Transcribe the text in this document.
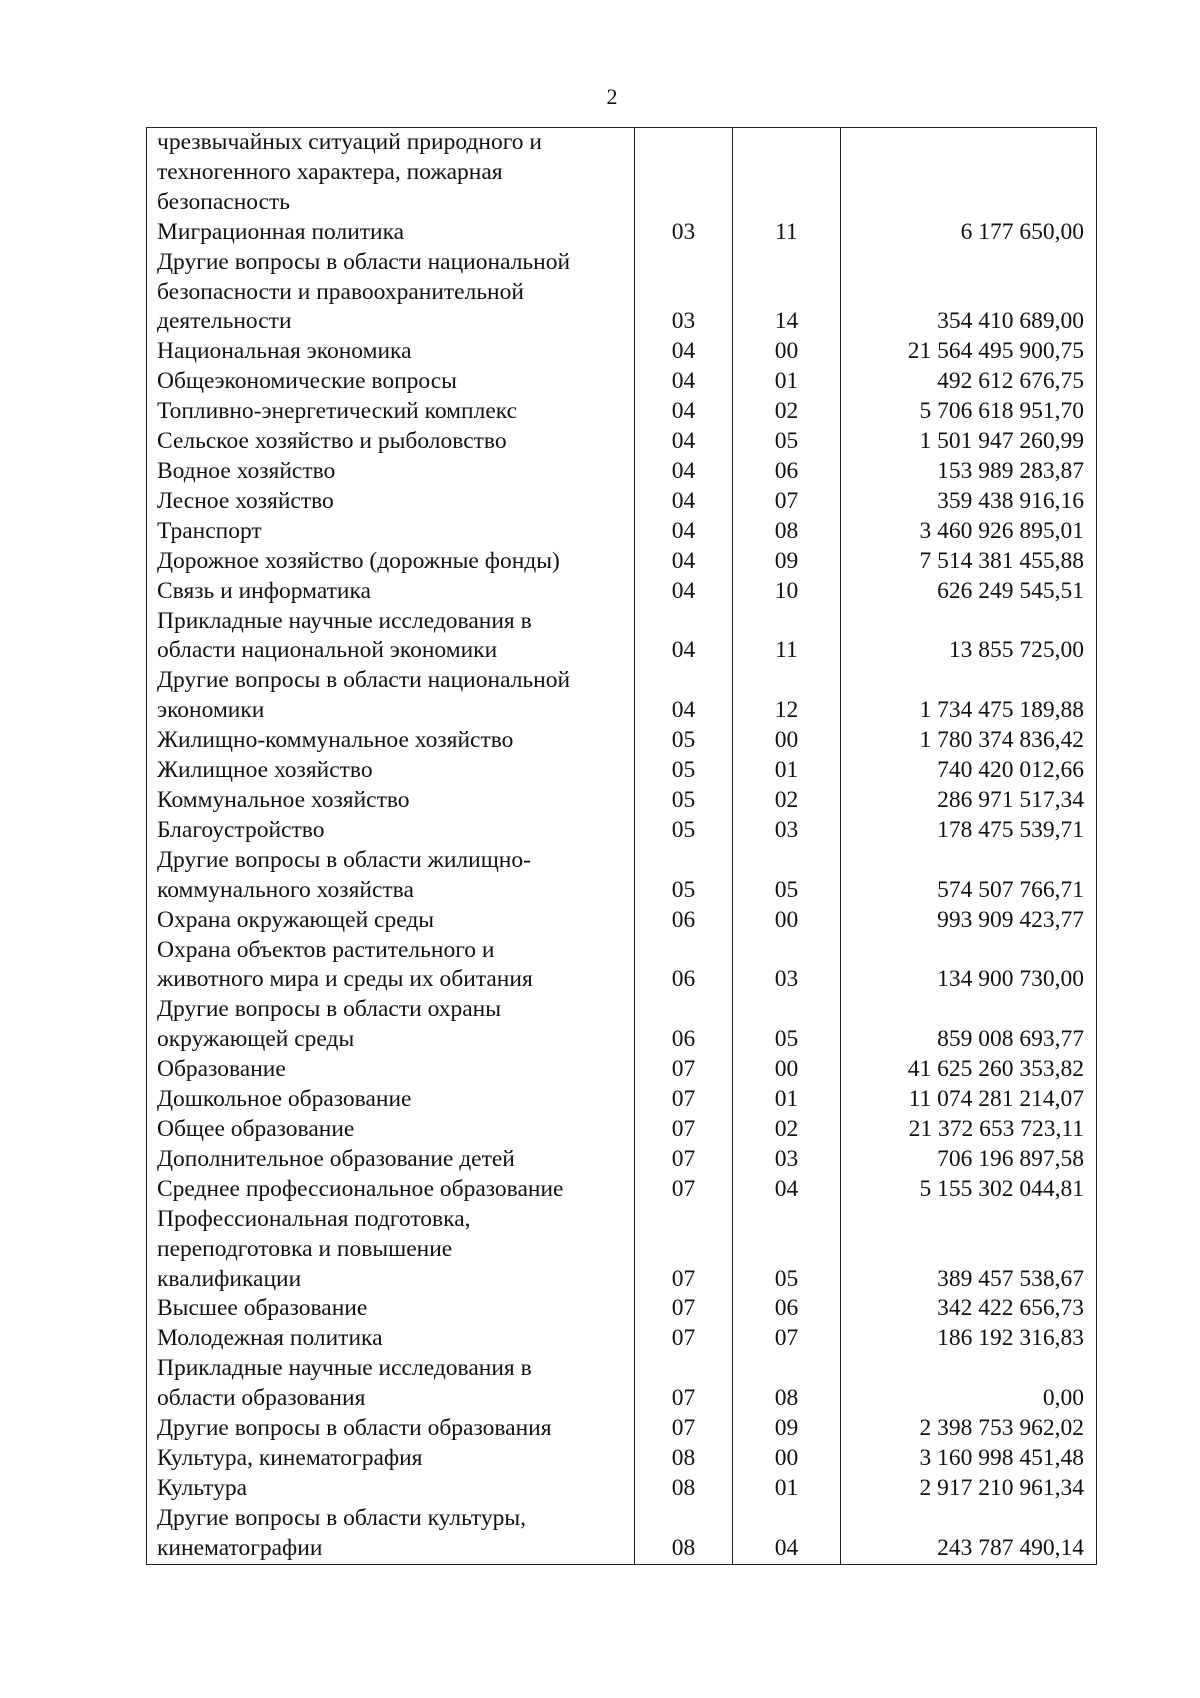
2
чрезвычайных ситуаций природного и
техногенного характера, пожарная
безопасность			

Миграционная политика	03	11	6 177 650,00

Другие вопросы в области национальной
безопасности и правоохранительной
деятельности	03	14	354 410 689,00

Национальная экономика	04	00	21 564 495 900,75

Общеэкономические вопросы	04	01	492 612 676,75

Топливно-энергетический комплекс	04	02	5 706 618 951,70

Сельское хозяйство и рыболовство	04	05	1 501 947 260,99

Водное хозяйство	04	06	153 989 283,87

Лесное хозяйство	04	07	359 438 916,16

Транспорт	04	08	3 460 926 895,01

Дорожное хозяйство (дорожные фонды)	04	09	7 514 381 455,88

Связь и информатика	04	10	626 249 545,51

Прикладные научные исследования в
области национальной экономики	04	11	13 855 725,00

Другие вопросы в области национальной
экономики	04	12	1 734 475 189,88

Жилищно-коммунальное хозяйство	05	00	1 780 374 836,42

Жилищное хозяйство	05	01	740 420 012,66

Коммунальное хозяйство	05	02	286 971 517,34

Благоустройство	05	03	178 475 539,71

Другие вопросы в области жилищно-
коммунального хозяйства	05	05	574 507 766,71

Охрана окружающей среды	06	00	993 909 423,77

Охрана объектов растительного и
животного мира и среды их обитания	06	03	134 900 730,00

Другие вопросы в области охраны
окружающей среды	06	05	859 008 693,77

Образование	07	00	41 625 260 353,82

Дошкольное образование	07	01	11 074 281 214,07

Общее образование	07	02	21 372 653 723,11

Дополнительное образование детей	07	03	706 196 897,58

Среднее профессиональное образование	07	04	5 155 302 044,81

Профессиональная подготовка,
переподготовка и повышение
квалификации	07	05	389 457 538,67

Высшее образование	07	06	342 422 656,73

Молодежная политика	07	07	186 192 316,83

Прикладные научные исследования в
области образования	07	08	0,00

Другие вопросы в области образования	07	09	2 398 753 962,02

Культура, кинематография	08	00	3 160 998 451,48

Культура	08	01	2 917 210 961,34

Другие вопросы в области культуры,
кинематографии	08	04	243 787 490,14
